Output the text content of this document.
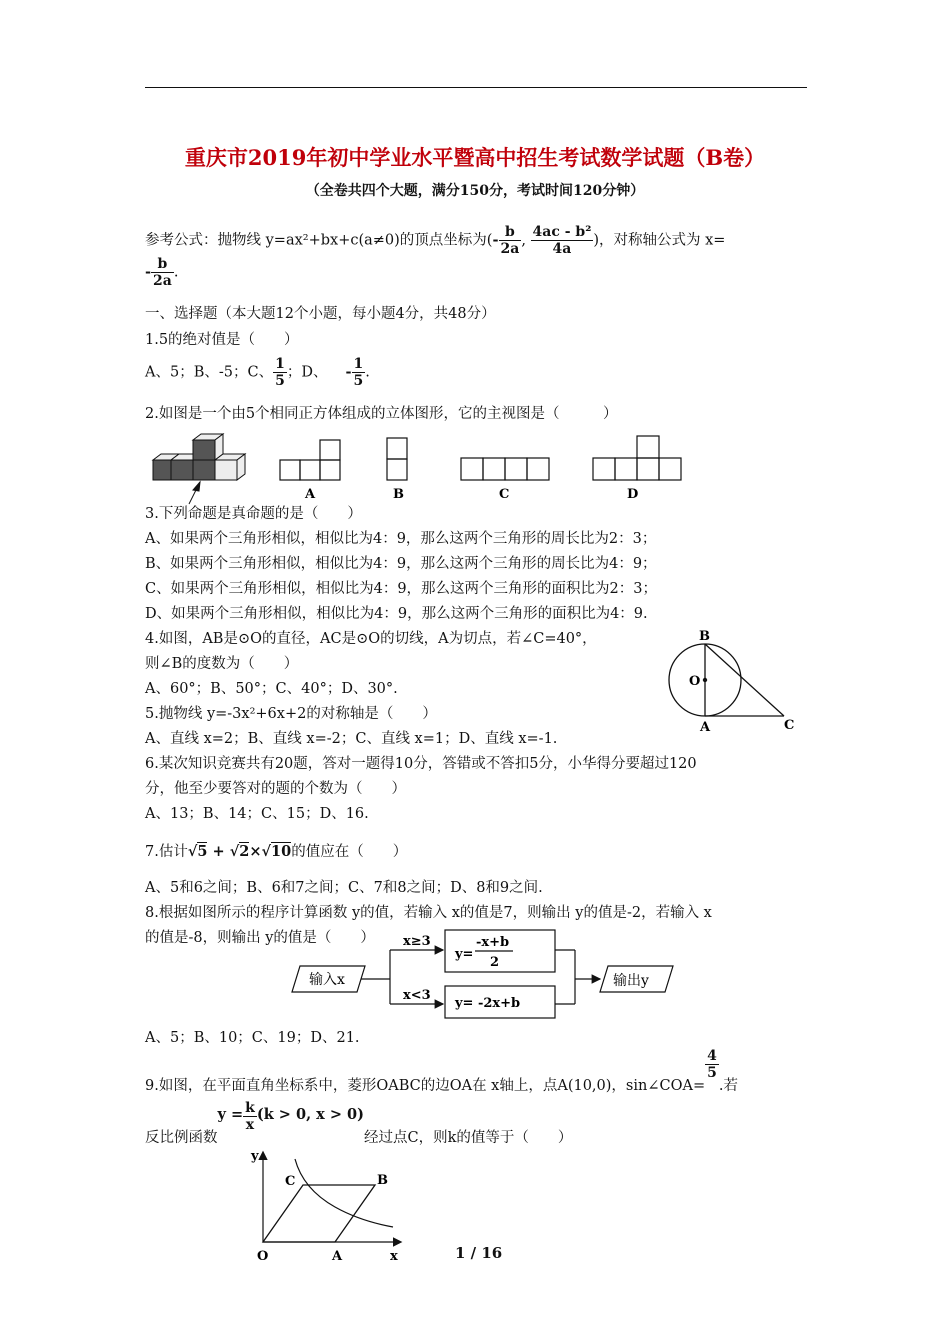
重庆市2019年初中学业水平暨高中招生考试数学试题（B卷）
（全卷共四个大题，满分150分，考试时间120分钟）
参考公式：抛物线 y=ax²+bx+c(a≠0)的顶点坐标为(- $\frac{b}{2a}$ , $\frac{\text{4ac - b²}}{4a}$ )，对称轴公式为 x=
- $\frac{b}{2a}$ .
一、选择题（本大题12个小题，每小题4分，共48分）
1.5的绝对值是（　　）
A、5；B、-5；C、 $\frac{1}{5}$ ；D、 - $\frac{1}{5}$ .
2.如图是一个由5个相同正方体组成的立体图形，它的主视图是（　　　）
A	B	C	D
3.下列命题是真命题的是（　　）
A、如果两个三角形相似，相似比为4：9，那么这两个三角形的周长比为2：3；
B、如果两个三角形相似，相似比为4：9，那么这两个三角形的周长比为4：9；
C、如果两个三角形相似，相似比为4：9，那么这两个三角形的面积比为2：3；
D、如果两个三角形相似，相似比为4：9，那么这两个三角形的面积比为4：9.
4.如图，AB是⊙O的直径，AC是⊙O的切线，A为切点，若∠C=40°，
则∠B的度数为（　　）
A、60°；B、50°；C、40°；D、30°.
B
O
A	C
5.抛物线 y=-3x²+6x+2的对称轴是（　　）
A、直线 x=2；B、直线 x=-2；C、直线 x=1；D、直线 x=-1.
6.某次知识竞赛共有20题，答对一题得10分，答错或不答扣5分，小华得分要超过120
分，他至少要答对的题的个数为（　　）
A、13；B、14；C、15；D、16.
7.估计√5 + √2×√10的值应在（　　）
A、5和6之间；B、6和7之间；C、7和8之间；D、8和9之间.
8.根据如图所示的程序计算函数 y的值，若输入 x的值是7，则输出 y的值是-2，若输入 x
的值是-8，则输出 y的值是（　　）
输入x
x≥3
x<3
y=
-x+b
2
y= -2x+b
输出y
A、5；B、10；C、19；D、21.
9.如图，在平面直角坐标系中，菱形OABC的边OA在 x轴上，点A(10,0)，sin∠COA=
$\frac{4}{5}$
.若
反比例函数$y = \frac{k}{x} (k > 0$, x > 0)经过点C，则k的值等于（　　）
y
C	B
O	A	x	1 / 16
